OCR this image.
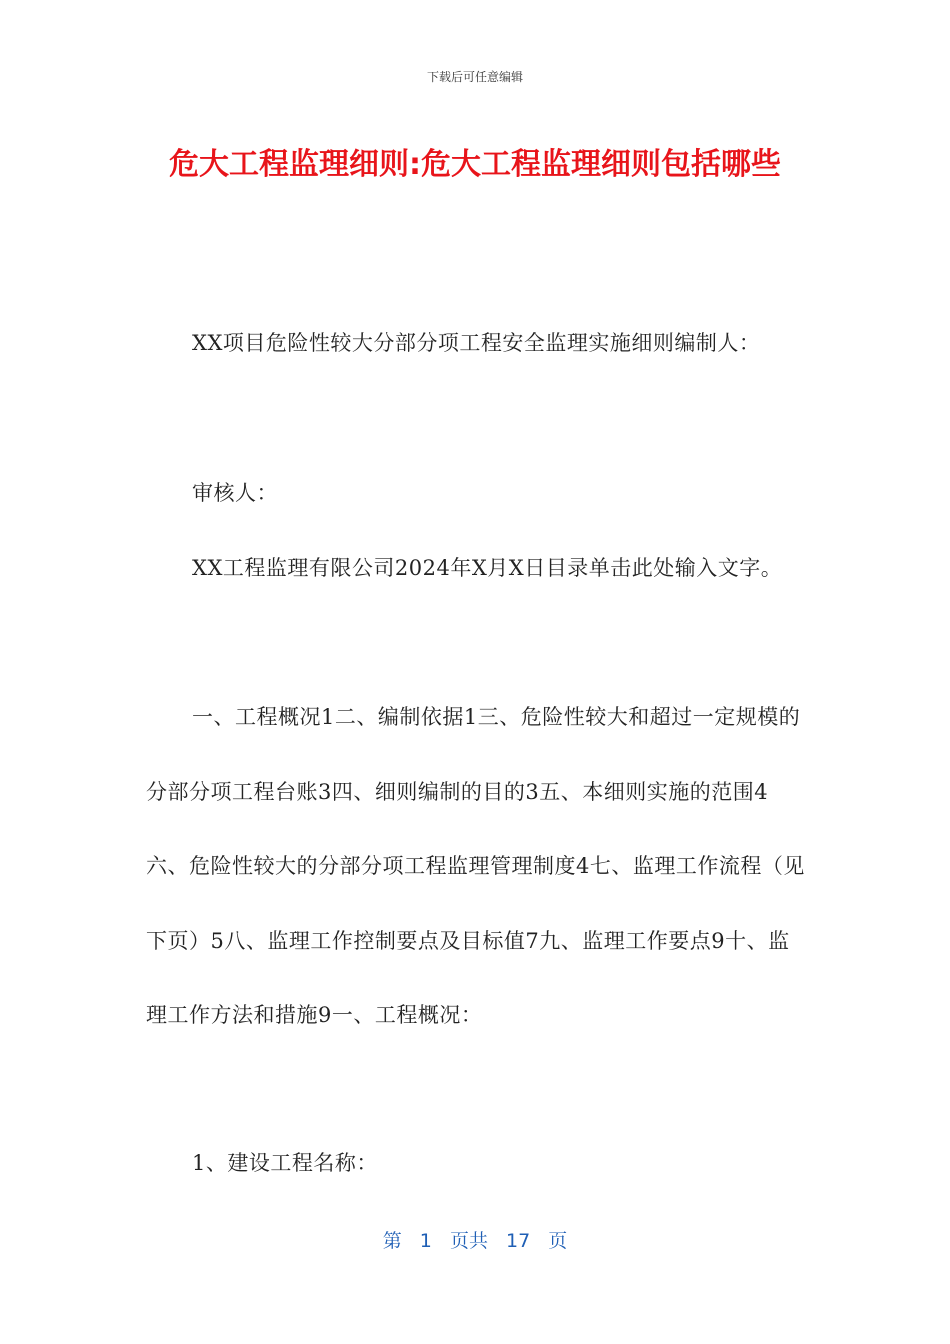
下载后可任意编辑
危大工程监理细则:危大工程监理细则包括哪些

XX项目危险性较大分部分项工程安全监理实施细则编制人：

审核人：

XX工程监理有限公司2024年X月X日目录单击此处输入文字。

一、工程概况1二、编制依据1三、危险性较大和超过一定规模的分部分项工程台账3四、细则编制的目的3五、本细则实施的范围4六、危险性较大的分部分项工程监理管理制度4七、监理工作流程（见下页）5八、监理工作控制要点及目标值7九、监理工作要点9十、监理工作方法和措施9一、工程概况：

1、建设工程名称：

第 1 页共 17 页
